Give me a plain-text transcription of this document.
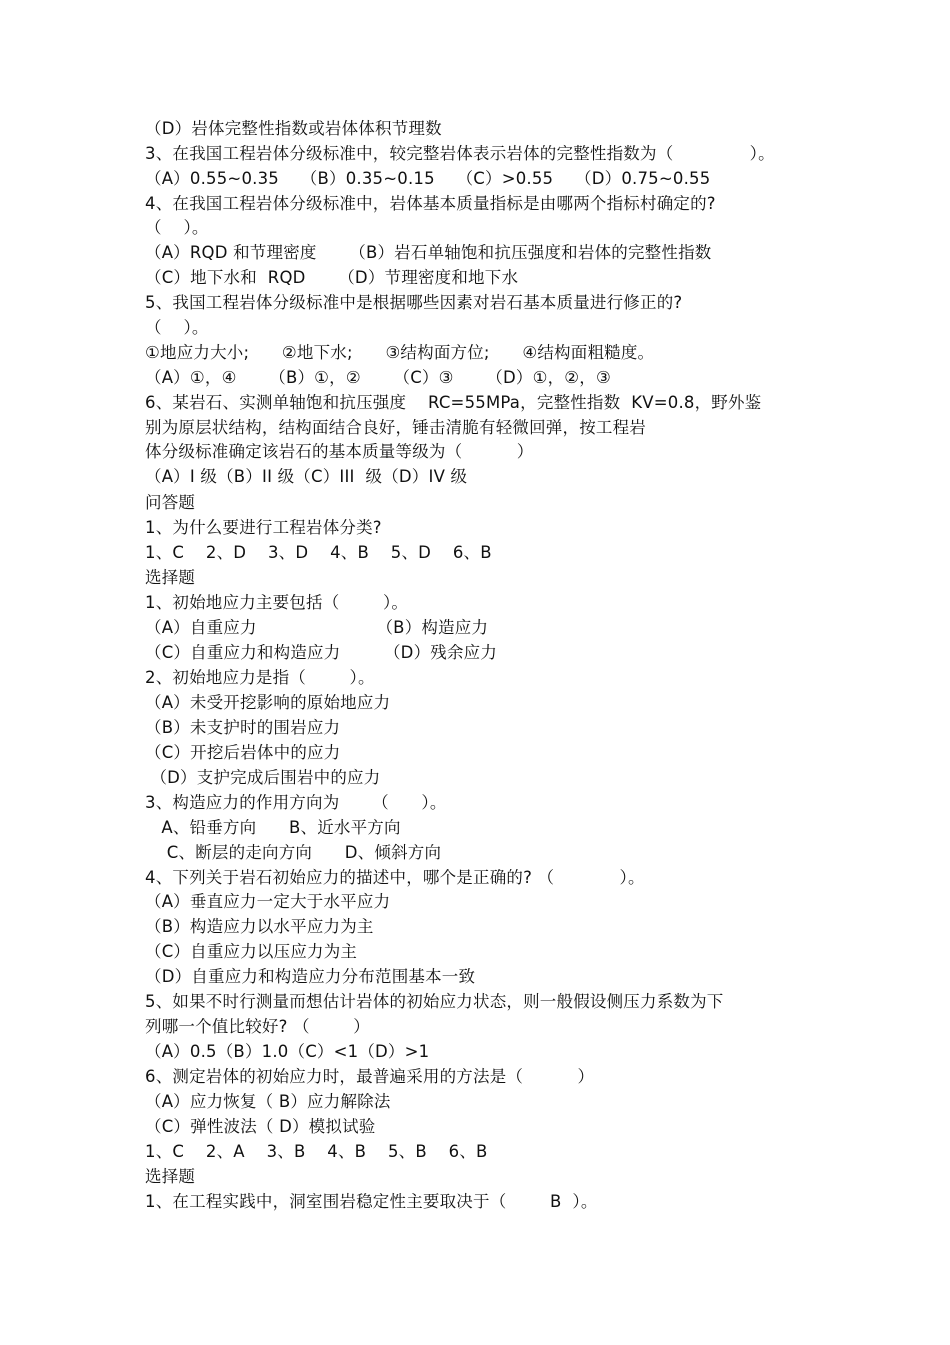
（D）岩体完整性指数或岩体体积节理数
3、在我国工程岩体分级标准中，较完整岩体表示岩体的完整性指数为（              ）。
（A）0.55~0.35    （B）0.35~0.15    （C）>0.55    （D）0.75~0.55
4、在我国工程岩体分级标准中，岩体基本质量指标是由哪两个指标村确定的?
（    ）。
（A）RQD 和节理密度      （B）岩石单轴饱和抗压强度和岩体的完整性指数
（C）地下水和  RQD      （D）节理密度和地下水
5、我国工程岩体分级标准中是根据哪些因素对岩石基本质量进行修正的?
（    ）。
①地应力大小;      ②地下水;      ③结构面方位;      ④结构面粗糙度。
（A）①，④      （B）①，②      （C）③      （D）①，②，③
6、某岩石、实测单轴饱和抗压强度    RC=55MPa，完整性指数  KV=0.8，野外鉴
别为原层状结构，结构面结合良好，锤击清脆有轻微回弹，按工程岩
体分级标准确定该岩石的基本质量等级为（          ）
（A）I 级（B）II 级（C）III  级（D）IV 级
问答题
1、为什么要进行工程岩体分类?
1、C    2、D    3、D    4、B    5、D    6、B
选择题
1、初始地应力主要包括（        ）。
（A）自重应力                      （B）构造应力
（C）自重应力和构造应力        （D）残余应力
2、初始地应力是指（        ）。
（A）未受开挖影响的原始地应力
（B）未支护时的围岩应力
（C）开挖后岩体中的应力
（D）支护完成后围岩中的应力
3、构造应力的作用方向为      （      ）。
A、铅垂方向      B、近水平方向
C、断层的走向方向      D、倾斜方向
4、下列关于岩石初始应力的描述中，哪个是正确的? （            ）。
（A）垂直应力一定大于水平应力
（B）构造应力以水平应力为主
（C）自重应力以压应力为主
（D）自重应力和构造应力分布范围基本一致
5、如果不时行测量而想估计岩体的初始应力状态，则一般假设侧压力系数为下
列哪一个值比较好? （        ）
（A）0.5（B）1.0（C）<1（D）>1
6、测定岩体的初始应力时，最普遍采用的方法是（          ）
（A）应力恢复（ B）应力解除法
（C）弹性波法（ D）模拟试验
1、C    2、A    3、B    4、B    5、B    6、B
选择题
1、在工程实践中，洞室围岩稳定性主要取决于（        B  ）。
